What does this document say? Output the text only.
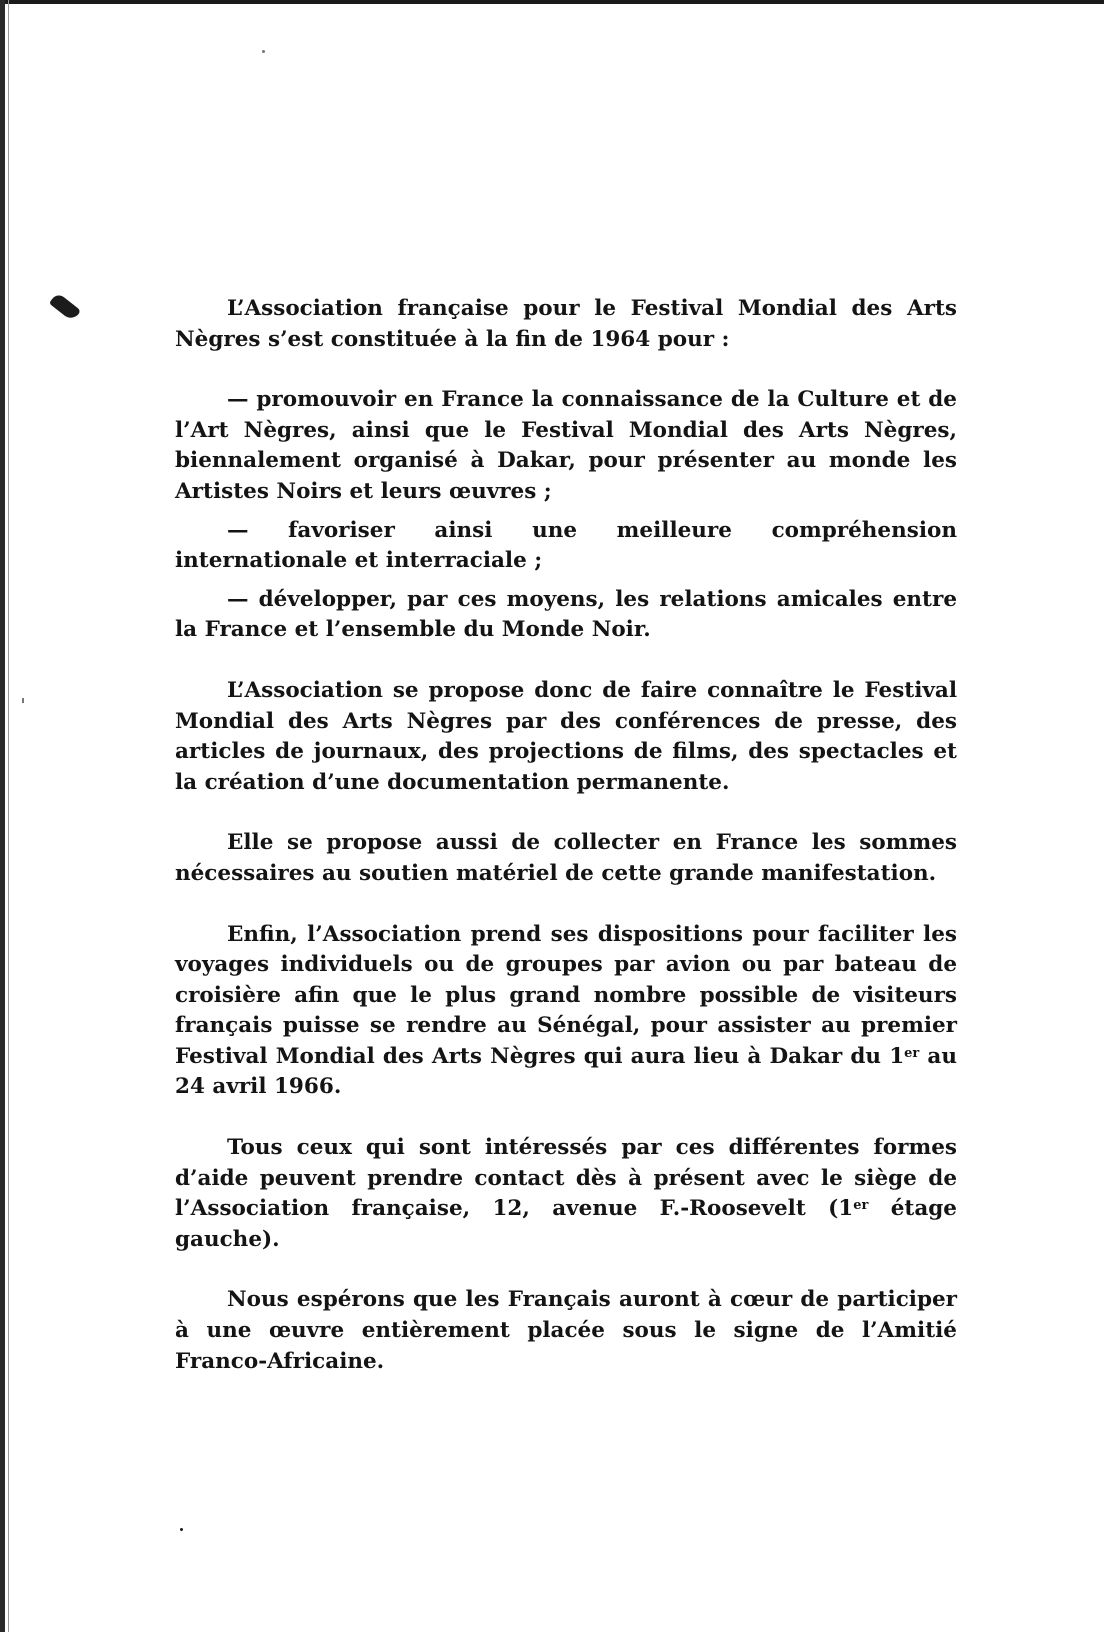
L’Association française pour le Festival Mondial des Arts Nègres s’est constituée à la fin de 1964 pour :

— promouvoir en France la connaissance de la Culture et de l’Art Nègres, ainsi que le Festival Mondial des Arts Nègres, biennalement organisé à Dakar, pour présenter au monde les Artistes Noirs et leurs œuvres ;

— favoriser ainsi une meilleure compréhension internationale et interraciale ;

— développer, par ces moyens, les relations amicales entre la France et l’ensemble du Monde Noir.

L’Association se propose donc de faire connaître le Festival Mondial des Arts Nègres par des conférences de presse, des articles de journaux, des projections de films, des spectacles et la création d’une documentation permanente.

Elle se propose aussi de collecter en France les sommes nécessaires au soutien matériel de cette grande manifestation.

Enfin, l’Association prend ses dispositions pour faciliter les voyages individuels ou de groupes par avion ou par bateau de croisière afin que le plus grand nombre possible de visiteurs français puisse se rendre au Sénégal, pour assister au premier Festival Mondial des Arts Nègres qui aura lieu à Dakar du 1er au 24 avril 1966.

Tous ceux qui sont intéressés par ces différentes formes d’aide peuvent prendre contact dès à présent avec le siège de l’Association française, 12, avenue F.-Roosevelt (1er étage gauche).

Nous espérons que les Français auront à cœur de participer à une œuvre entièrement placée sous le signe de l’Amitié Franco-Africaine.
